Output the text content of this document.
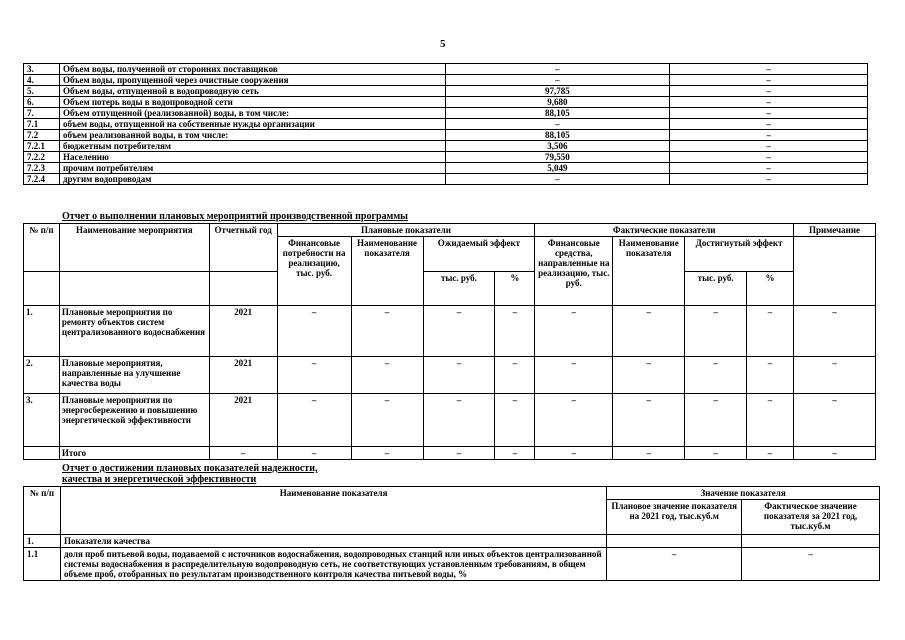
5
3.	Объем воды, полученной от сторонних поставщиков	–	–
4.	Объем воды, пропущенной через очистные сооружения	–	–
5.	Объем воды, отпущенной в водопроводную сеть	97,785	–
6.	Объем потерь воды в водопроводной сети	9,680	–
7.	Объем отпущенной (реализованной) воды, в том числе:	88,105	–
7.1	объем воды, отпущенной на собственные нужды организации	–	–
7.2	объем реализованной воды, в том числе:	88,105	–
7.2.1	бюджетным потребителям	3,506	–
7.2.2	Населению	79,550	–
7.2.3	прочим потребителям	5,049	–
7.2.4	другим водопроводам	–	–
Отчет о выполнении плановых мероприятий производственной программы
№ п/п	Наименование мероприятия	Отчетный год	Плановые показатели				Фактические показатели				Примечание
			Финансовые потребности на реализацию, тыс. руб.	Наименование показателя	Ожидаемый эффект		Финансовые средства, направленные на реализацию, тыс. руб.	Наименование показателя	Достигнутый эффект		
					тыс. руб.	%			тыс. руб.	%	
1.	Плановые мероприятия по ремонту объектов систем централизованного водоснабжения	2021	–	–	–	–	–	–	–	–	–
2.	Плановые мероприятия, направленные на улучшение качества воды	2021	–	–	–	–	–	–	–	–	–
3.	Плановые мероприятия по энергосбережению и повышению энергетической эффективности	2021	–	–	–	–	–	–	–	–	–
	Итого	–	–	–	–	–	–	–	–	–	–
Отчет о достижении плановых показателей надежности,
качества и энергетической эффективности
№ п/п	Наименование показателя	Значение показателя	
		Плановое значение показателя на 2021 год, тыс.куб.м	Фактическое значение показателя за 2021 год, тыс.куб.м
1.	Показатели качества		
1.1	доля проб питьевой воды, подаваемой с источников водоснабжения, водопроводных станций или иных объектов централизованной системы водоснабжения в распределительную водопроводную сеть, не соответствующих установленным требованиям, в общем объеме проб, отобранных по результатам производственного контроля качества питьевой воды, %	–	–
